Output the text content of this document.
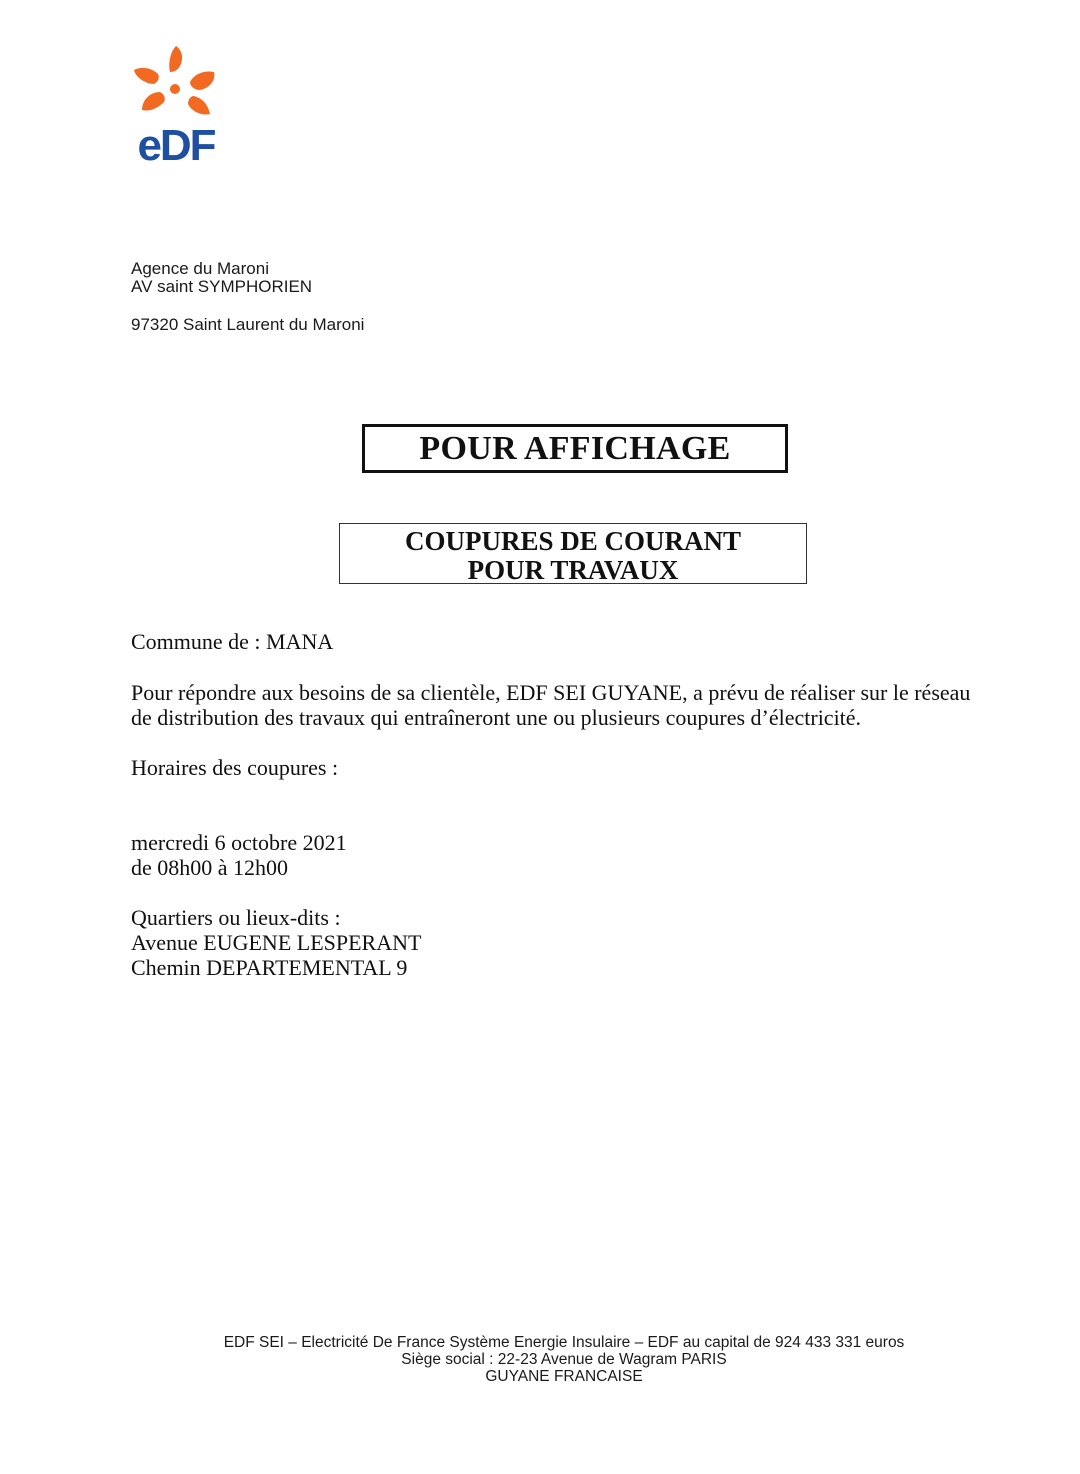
eDF
Agence du Maroni
AV saint SYMPHORIEN
97320 Saint Laurent du Maroni
POUR AFFICHAGE
COUPURES DE COURANT
POUR TRAVAUX
Commune de : MANA
Pour répondre aux besoins de sa clientèle, EDF SEI GUYANE, a prévu de réaliser sur le réseau
de distribution des travaux qui entraîneront une ou plusieurs coupures d’électricité.
Horaires des coupures :
mercredi 6 octobre 2021
de 08h00 à 12h00
Quartiers ou lieux-dits :
Avenue EUGENE LESPERANT
Chemin DEPARTEMENTAL 9
EDF SEI – Electricité De France Système Energie Insulaire – EDF au capital de 924 433 331 euros
Siège social : 22-23 Avenue de Wagram PARIS
GUYANE FRANCAISE
